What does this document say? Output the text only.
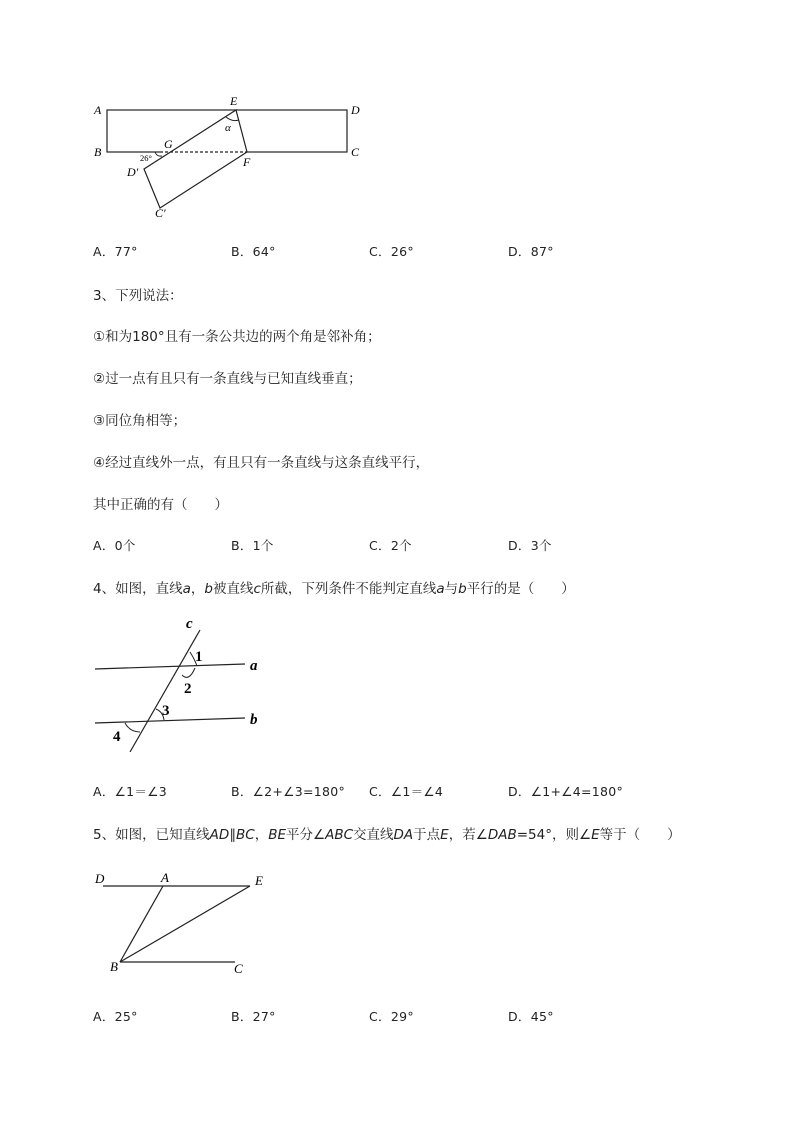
A
B	C
D
E
F
G
D′
C′
α
26°
A．77°	B．64°	C．26°	D．87°
3、下列说法：
①和为180°且有一条公共边的两个角是邻补角；
②过一点有且只有一条直线与已知直线垂直；
③同位角相等；
④经过直线外一点，有且只有一条直线与这条直线平行，
其中正确的有（　　）
A．0个	B．1个	C．2个	D．3个
4、如图，直线a，b被直线c所截，下列条件不能判定直线a与b平行的是（　　）
c
a
b
1
2
3
4
A．∠1＝∠3	B．∠2+∠3=180° C．∠1＝∠4	D．∠1+∠4=180°
5、如图，已知直线AD∥BC，BE平分∠ABC交直线DA于点E，若∠DAB=54°，则∠E等于（　　）
D	A	E
B	C
A．25°	B．27°	C．29°	D．45°
